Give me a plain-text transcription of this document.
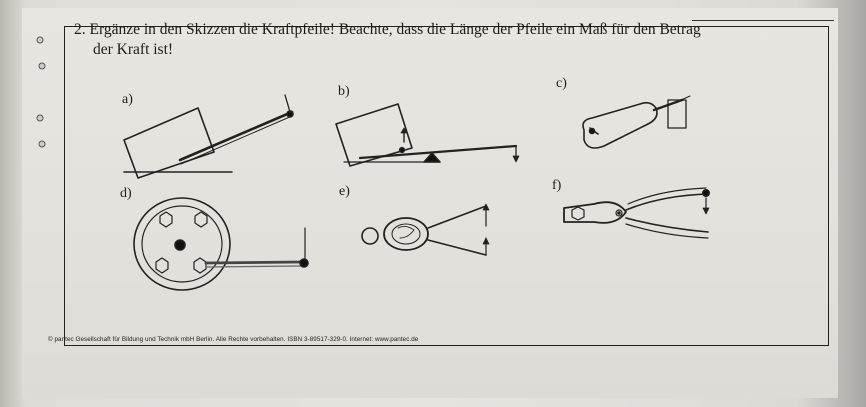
2. Ergänze in den Skizzen die Kraftpfeile! Beachte, dass die Länge der Pfeile ein Maß für den Betrag
der Kraft ist!
a)
b)
c)
d)	e)	f)
© pantec Gesellschaft für Bildung und Technik mbH Berlin. Alle Rechte vorbehalten. ISBN 3-89517-329-0. Internet: www.pantec.de
